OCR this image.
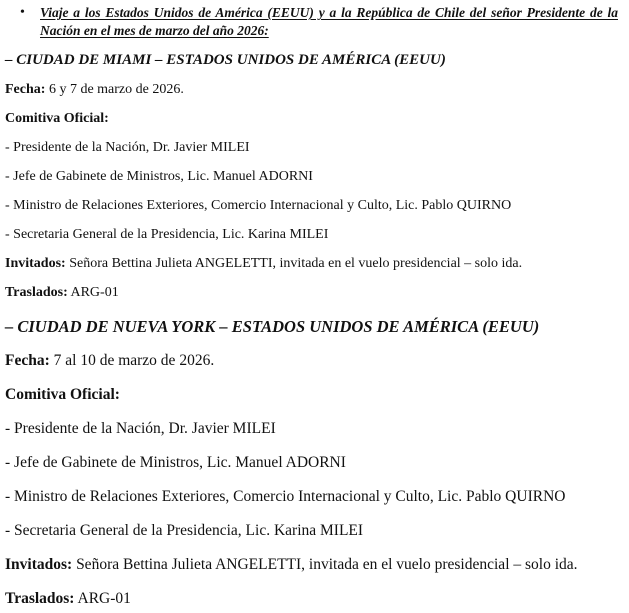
•	Viaje a los Estados Unidos de América (EEUU) y a la República de Chile del señor Presidente de la Nación en el mes de marzo del año 2026:

– CIUDAD DE MIAMI – ESTADOS UNIDOS DE AMÉRICA (EEUU)

Fecha: 6 y 7 de marzo de 2026.

Comitiva Oficial:

- Presidente de la Nación, Dr. Javier MILEI

- Jefe de Gabinete de Ministros, Lic. Manuel ADORNI

- Ministro de Relaciones Exteriores, Comercio Internacional y Culto, Lic. Pablo QUIRNO

- Secretaria General de la Presidencia, Lic. Karina MILEI

Invitados: Señora Bettina Julieta ANGELETTI, invitada en el vuelo presidencial – solo ida.

Traslados: ARG-01

– CIUDAD DE NUEVA YORK – ESTADOS UNIDOS DE AMÉRICA (EEUU)

Fecha: 7 al 10 de marzo de 2026.

Comitiva Oficial:

- Presidente de la Nación, Dr. Javier MILEI

- Jefe de Gabinete de Ministros, Lic. Manuel ADORNI

- Ministro de Relaciones Exteriores, Comercio Internacional y Culto, Lic. Pablo QUIRNO

- Secretaria General de la Presidencia, Lic. Karina MILEI

Invitados: Señora Bettina Julieta ANGELETTI, invitada en el vuelo presidencial – solo ida.

Traslados: ARG-01
